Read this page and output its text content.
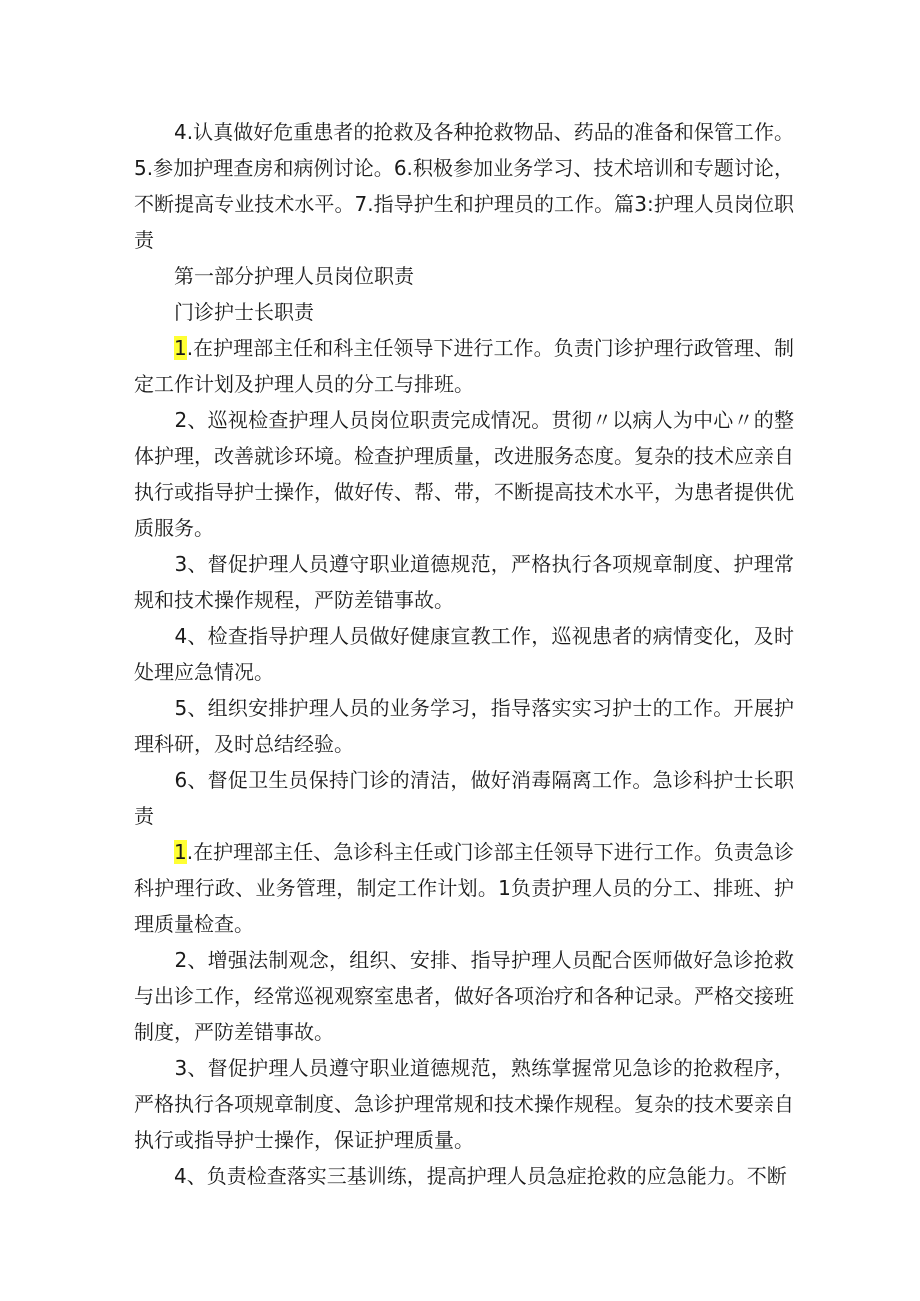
　　4.认真做好危重患者的抢救及各种抢救物品、药品的准备和保管工作。5.参加护理查房和病例讨论。6.积极参加业务学习、技术培训和专题讨论，不断提高专业技术水平。7.指导护生和护理员的工作。篇3:护理人员岗位职责

　　第一部分护理人员岗位职责

　　门诊护士长职责

1.在护理部主任和科主任领导下进行工作。负责门诊护理行政管理、制定工作计划及护理人员的分工与排班。

　　2、巡视检查护理人员岗位职责完成情况。贯彻〃以病人为中心〃的整体护理，改善就诊环境。检查护理质量，改进服务态度。复杂的技术应亲自执行或指导护士操作，做好传、帮、带，不断提高技术水平，为患者提供优质服务。

　　3、督促护理人员遵守职业道德规范，严格执行各项规章制度、护理常规和技术操作规程，严防差错事故。

　　4、检查指导护理人员做好健康宣教工作，巡视患者的病情变化，及时处理应急情况。

　　5、组织安排护理人员的业务学习，指导落实实习护士的工作。开展护理科研，及时总结经验。

　　6、督促卫生员保持门诊的清洁，做好消毒隔离工作。急诊科护士长职责

1.在护理部主任、急诊科主任或门诊部主任领导下进行工作。负责急诊科护理行政、业务管理，制定工作计划。1负责护理人员的分工、排班、护理质量检查。

　　2、增强法制观念，组织、安排、指导护理人员配合医师做好急诊抢救与出诊工作，经常巡视观察室患者，做好各项治疗和各种记录。严格交接班制度，严防差错事故。

　　3、督促护理人员遵守职业道德规范，熟练掌握常见急诊的抢救程序，严格执行各项规章制度、急诊护理常规和技术操作规程。复杂的技术要亲自执行或指导护士操作，保证护理质量。

　　4、负责检查落实三基训练，提高护理人员急症抢救的应急能力。不断
